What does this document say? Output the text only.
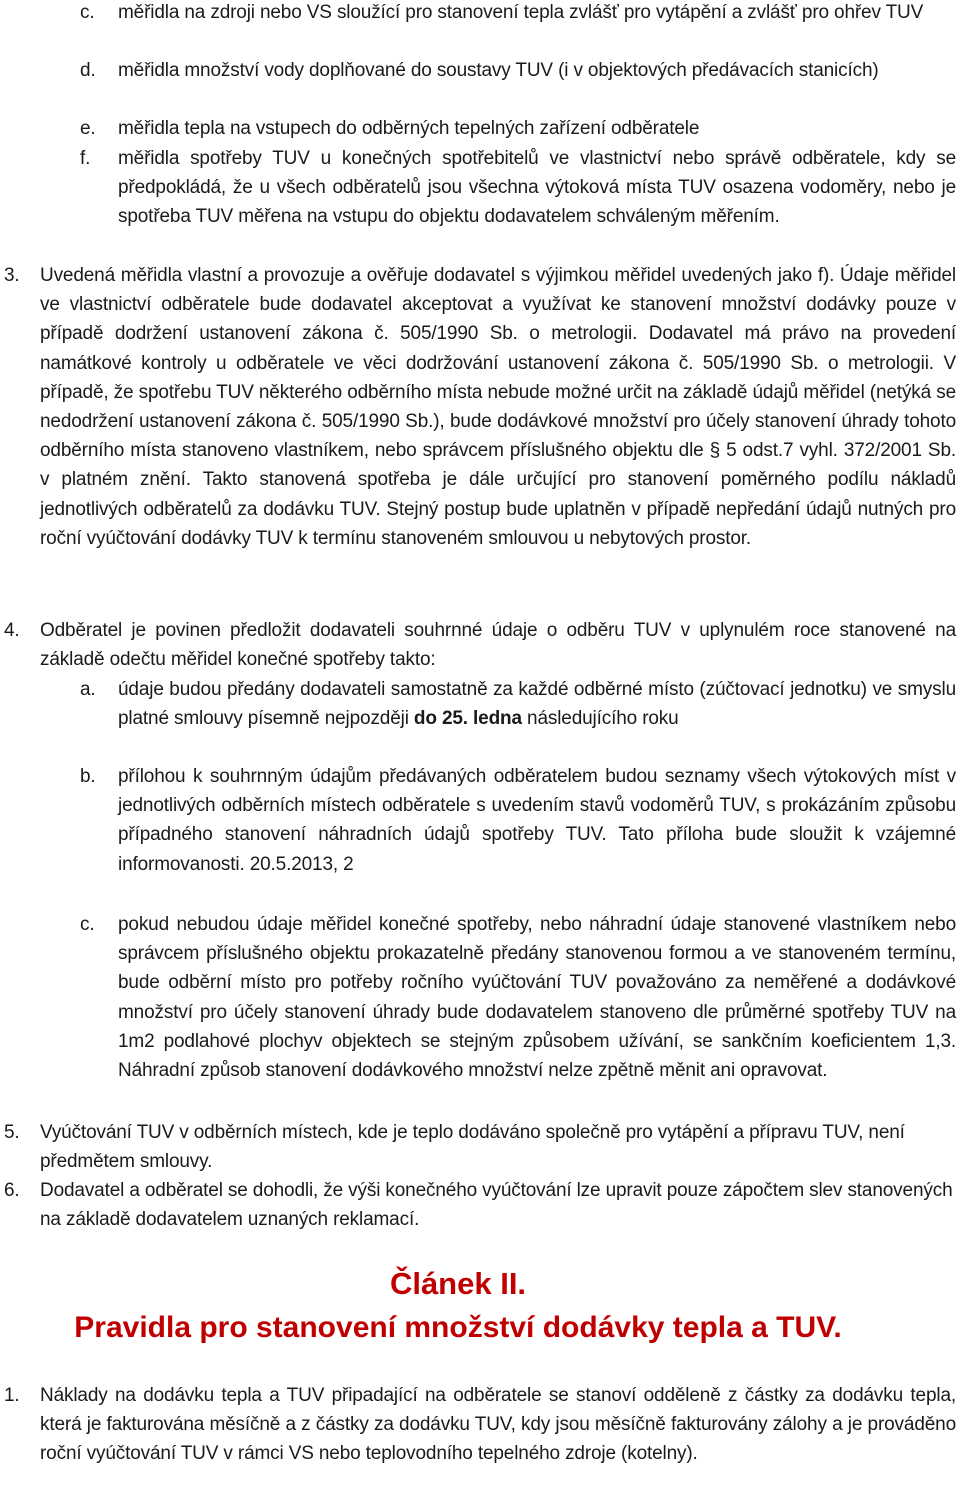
c.	měřidla na zdroji nebo VS sloužící pro stanovení tepla zvlášť pro vytápění a zvlášť pro ohřev TUV

d.	měřidla množství vody doplňované do soustavy TUV (i v objektových předávacích stanicích)

e.	měřidla tepla na vstupech do odběrných tepelných zařízení odběratele

f.	měřidla spotřeby TUV u konečných spotřebitelů ve vlastnictví nebo správě odběratele, kdy se předpokládá, že u všech odběratelů jsou všechna výtoková místa TUV osazena vodoměry, nebo je spotřeba TUV měřena na vstupu do objektu dodavatelem schváleným měřením.

3.	Uvedená měřidla vlastní a provozuje a ověřuje dodavatel s výjimkou měřidel uvedených jako f). Údaje měřidel ve vlastnictví odběratele bude dodavatel akceptovat a využívat ke stanovení množství dodávky pouze v případě dodržení ustanovení zákona č. 505/1990 Sb. o metrologii. Dodavatel má právo na provedení namátkové kontroly u odběratele ve věci dodržování ustanovení zákona č. 505/1990 Sb. o metrologii. V případě, že spotřebu TUV některého odběrního místa nebude možné určit na základě údajů měřidel (netýká se nedodržení ustanovení zákona č. 505/1990 Sb.), bude dodávkové množství pro účely stanovení úhrady tohoto odběrního místa stanoveno vlastníkem, nebo správcem příslušného objektu dle § 5 odst.7 vyhl. 372/2001 Sb. v platném znění. Takto stanovená spotřeba je dále určující pro stanovení poměrného podílu nákladů jednotlivých odběratelů za dodávku TUV. Stejný postup bude uplatněn v případě nepředání údajů nutných pro roční vyúčtování dodávky TUV k termínu stanoveném smlouvou u nebytových prostor.

4.	Odběratel je povinen předložit dodavateli souhrnné údaje o odběru TUV v uplynulém roce stanovené na základě odečtu měřidel konečné spotřeby takto:

a.	údaje budou předány dodavateli samostatně za každé odběrné místo (zúčtovací jednotku) ve smyslu platné smlouvy písemně nejpozději do 25. ledna následujícího roku

b.	přílohou k souhrnným údajům předávaných odběratelem budou seznamy všech výtokových míst v jednotlivých odběrních místech odběratele s uvedením stavů vodoměrů TUV, s prokázáním způsobu případného stanovení náhradních údajů spotřeby TUV. Tato příloha bude sloužit k vzájemné informovanosti. 20.5.2013, 2

c.	pokud nebudou údaje měřidel konečné spotřeby, nebo náhradní údaje stanovené vlastníkem nebo správcem příslušného objektu prokazatelně předány stanovenou formou a ve stanoveném termínu, bude odběrní místo pro potřeby ročního vyúčtování TUV považováno za neměřené a dodávkové množství pro účely stanovení úhrady bude dodavatelem stanoveno dle průměrné spotřeby TUV na 1m2 podlahové plochyv objektech se stejným způsobem užívání, se sankčním koeficientem 1,3. Náhradní způsob stanovení dodávkového množství nelze zpětně měnit ani opravovat.

5.	Vyúčtování TUV v odběrních místech, kde je teplo dodáváno společně pro vytápění a přípravu TUV, není předmětem smlouvy.

6.	Dodavatel a odběratel se dohodli, že výši konečného vyúčtování lze upravit pouze zápočtem slev stanovených na základě dodavatelem uznaných reklamací.

Článek II.
Pravidla pro stanovení množství dodávky tepla a TUV.
1.	Náklady na dodávku tepla a TUV připadající na odběratele se stanoví odděleně z částky za dodávku tepla, která je fakturována měsíčně a z částky za dodávku TUV, kdy jsou měsíčně fakturovány zálohy a je prováděno roční vyúčtování TUV v rámci VS nebo teplovodního tepelného zdroje (kotelny).
